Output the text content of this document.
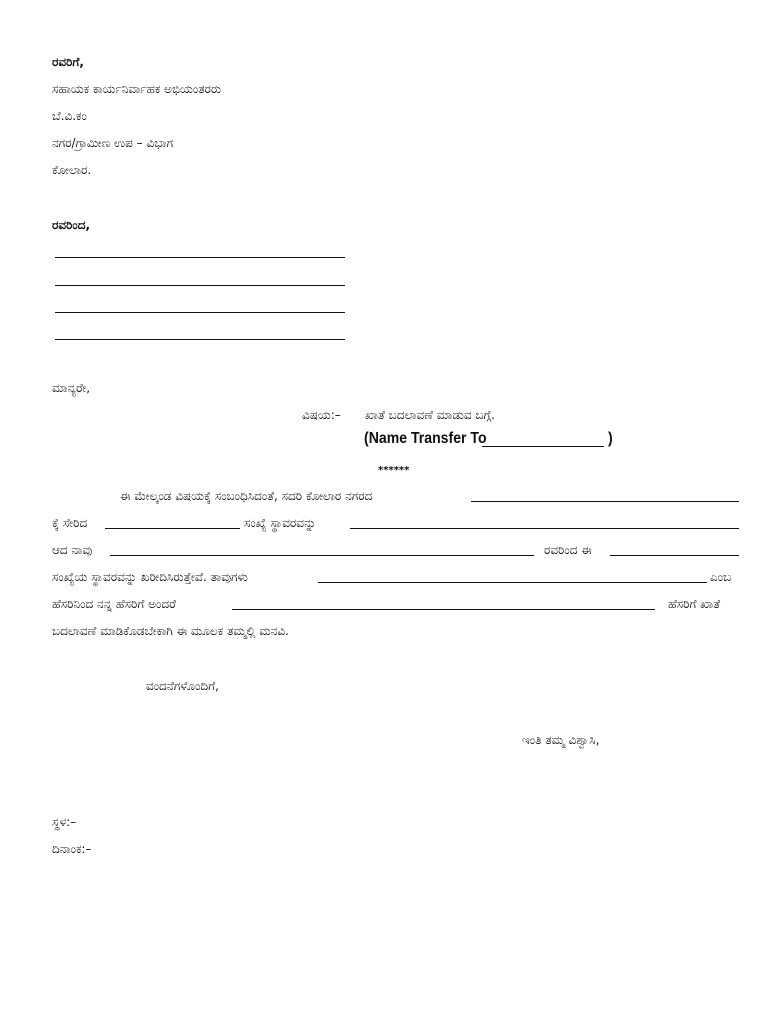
ರವರಿಗೆ,
ಸಹಾಯಕ ಕಾರ್ಯನಿರ್ವಾಹಕ ಅಭಿಯಂತರರು
ಬೆ.ವಿ.ಕಂ
ನಗರ/ಗ್ರಾಮೀಣ ಉಪ – ವಿಭಾಗ
ಕೋಲಾರ.
ರವರಿಂದ,
ಮಾನ್ಯರೇ,
ವಿಷಯ:– ಖಾತೆ ಬದಲಾವಣೆ ಮಾಡುವ ಬಗ್ಗೆ.
(Name Transfer To	)
******
ಈ ಮೇಲ್ಕಂಡ ವಿಷಯಕ್ಕೆ ಸಂಬಂಧಿಸಿದಂತೆ, ಸದರಿ ಕೋಲಾರ ನಗರದ
ಕ್ಕೆ ಸೇರಿದ	ಸಂಖ್ಯೆ ಸ್ಥಾವರವನ್ನು
ಆದ ನಾವು	ರವರಿಂದ ಈ
ಸಂಖ್ಯೆಯ ಸ್ಥಾವರವನ್ನು ಖರೀದಿಸಿರುತ್ತೇವೆ. ತಾವುಗಳು	ಎಂಬ
ಹೆಸರಿನಿಂದ ನನ್ನ ಹೆಸರಿಗೆ ಅಂದರೆ	ಹೆಸರಿಗೆ ಖಾತೆ
ಬದಲಾವಣೆ ಮಾಡಿಕೊಡಬೇಕಾಗಿ ಈ ಮೂಲಕ ತಮ್ಮಲ್ಲಿ ಮನವಿ.
ವಂದನೆಗಳೊಂದಿಗೆ,
ಇಂತಿ ತಮ್ಮ ವಿಶ್ವಾಸಿ,
ಸ್ಥಳ:–
ದಿನಾಂಕ:–
